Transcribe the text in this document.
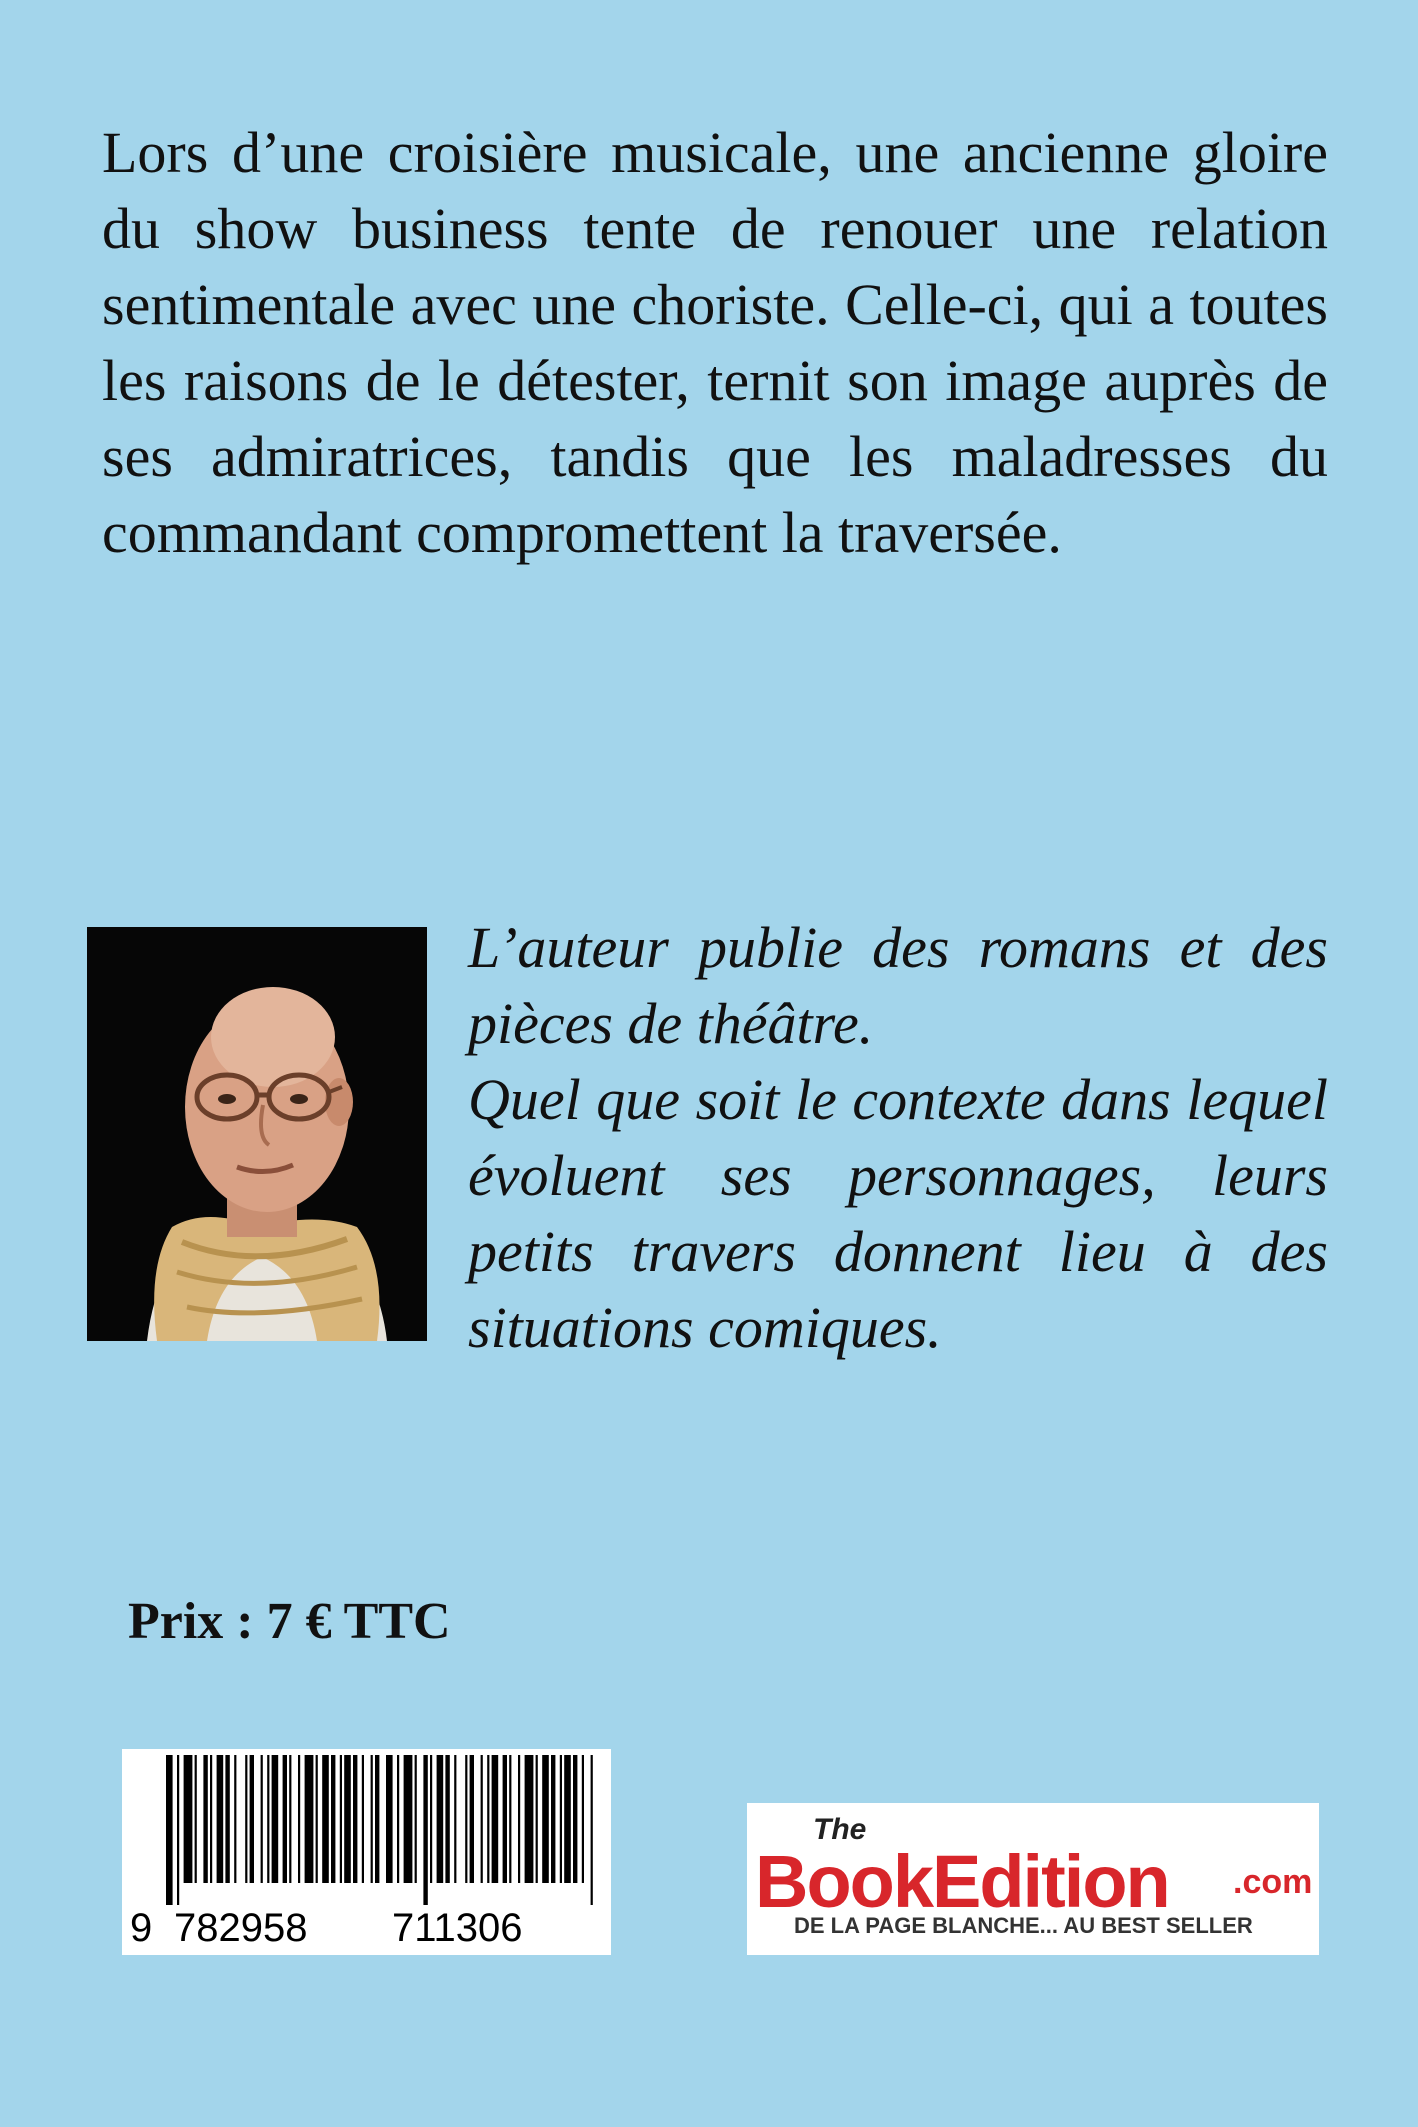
Lors d’une croisière musicale, une ancienne gloire du show business tente de renouer une relation sentimentale avec une choriste. Celle-ci, qui a toutes les raisons de le détester, ternit son image auprès de ses admiratrices, tandis que les maladresses du commandant compromettent la traversée.

L’auteur publie des romans et des pièces de théâtre.

Quel que soit le contexte dans lequel évoluent ses personnages, leurs petits travers donnent lieu à des situations comiques.

Prix : 7 € TTC

9 782958 711306
The
BookEdition .com
DE LA PAGE BLANCHE... AU BEST SELLER
